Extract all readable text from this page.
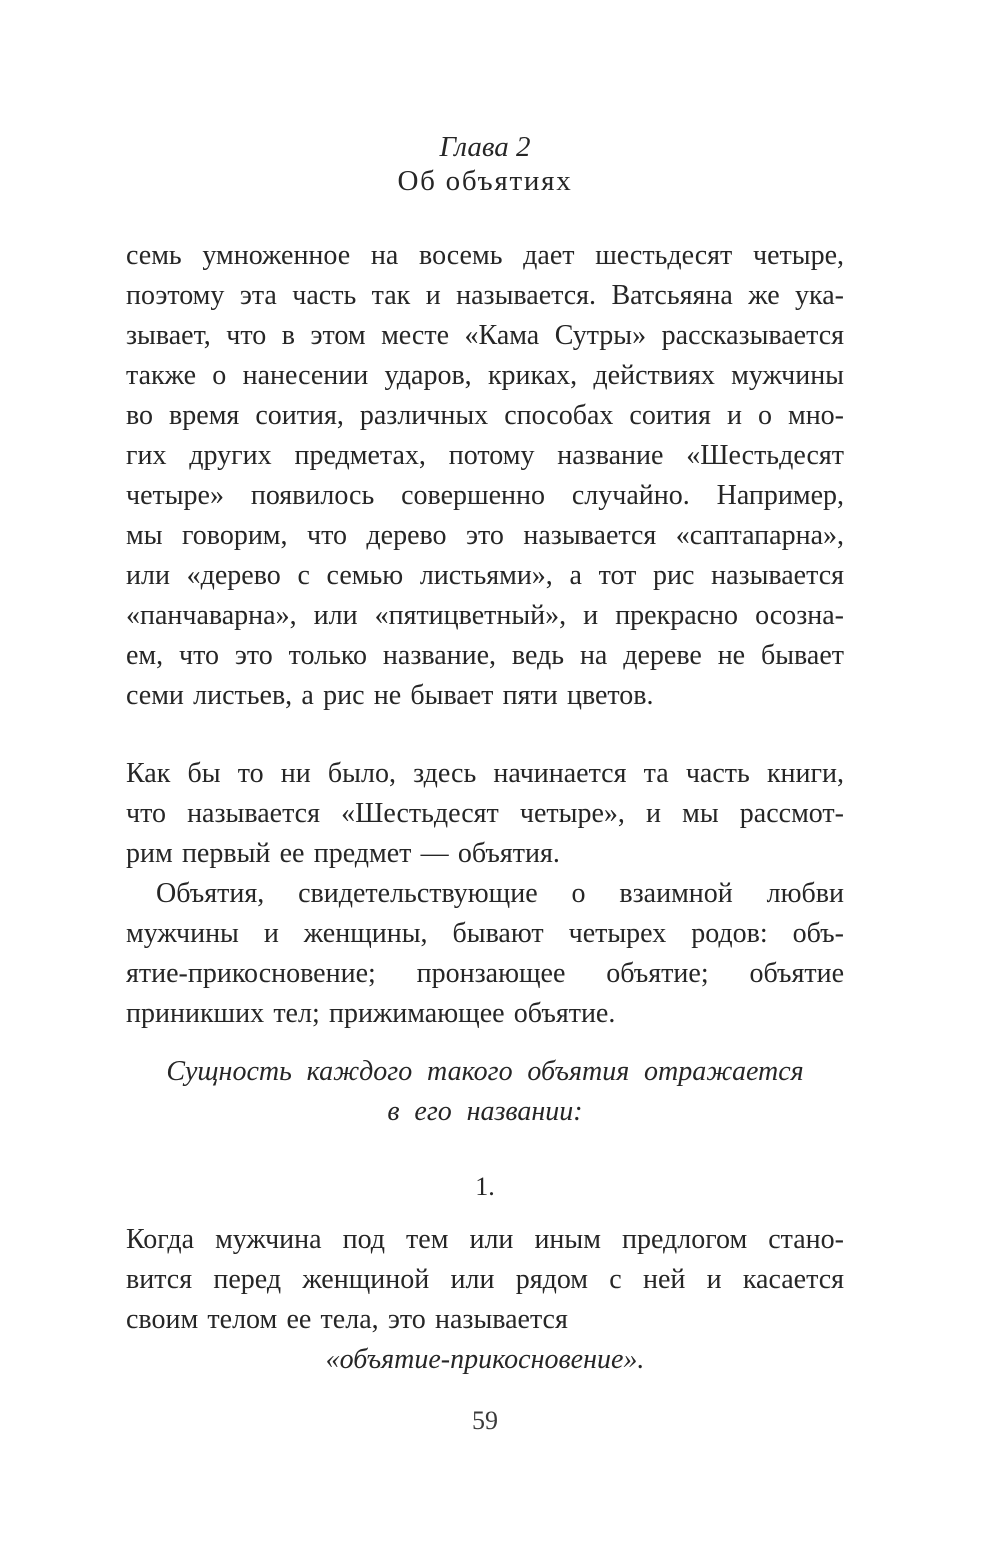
Глава 2
Об объятиях
семь умноженное на восемь дает шестьдесят четыре,
поэтому эта часть так и называется. Ватсьяяна же ука-
зывает, что в этом месте «Кама Сутры» рассказывается
также о нанесении ударов, криках, действиях мужчины
во время соития, различных способах соития и о мно-
гих других предметах, потому название «Шестьдесят
четыре» появилось совершенно случайно. Например,
мы говорим, что дерево это называется «саптапарна»,
или «дерево с семью листьями», а тот рис называется
«панчаварна», или «пятицветный», и прекрасно осозна-
ем, что это только название, ведь на дереве не бывает
семи листьев, а рис не бывает пяти цветов.
Как бы то ни было, здесь начинается та часть книги,
что называется «Шестьдесят четыре», и мы рассмот-
рим первый ее предмет — объятия.
Объятия, свидетельствующие о взаимной любви
мужчины и женщины, бывают четырех родов: объ-
ятие-прикосновение; пронзающее объятие; объятие
приникших тел; прижимающее объятие.
Сущность каждого такого объятия отражается
в его названии:
1.
Когда мужчина под тем или иным предлогом стано-
вится перед женщиной или рядом с ней и касается
своим телом ее тела, это называется
«объятие-прикосновение».
59
